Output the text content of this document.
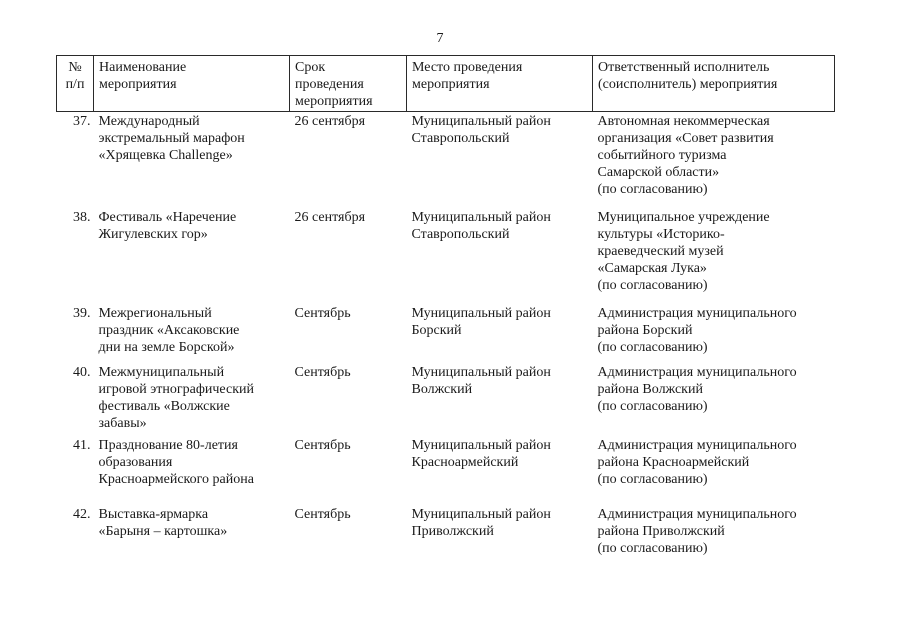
7
№
п/п	Наименование
мероприятия	Срок
проведения
мероприятия	Место проведения
мероприятия	Ответственный исполнитель
(соисполнитель) мероприятия

37.	Международный
экстремальный марафон
«Хрящевка Challenge»	26 сентября	Муниципальный район
Ставропольский	Автономная некоммерческая
организация «Совет развития
событийного туризма
Самарской области»
(по согласованию)

38.	Фестиваль «Наречение
Жигулевских гор»	26 сентября	Муниципальный район
Ставропольский	Муниципальное учреждение
культуры «Историко-
краеведческий музей
«Самарская Лука»
(по согласованию)

39.	Межрегиональный
праздник «Аксаковские
дни на земле Борской»	Сентябрь	Муниципальный район
Борский	Администрация муниципального
района Борский
(по согласованию)

40.	Межмуниципальный
игровой этнографический
фестиваль «Волжские
забавы»	Сентябрь	Муниципальный район
Волжский	Администрация муниципального
района Волжский
(по согласованию)

41.	Празднование 80-летия
образования
Красноармейского района	Сентябрь	Муниципальный район
Красноармейский	Администрация муниципального
района Красноармейский
(по согласованию)

42.	Выставка-ярмарка
«Барыня – картошка»	Сентябрь	Муниципальный район
Приволжский	Администрация муниципального
района Приволжский
(по согласованию)
